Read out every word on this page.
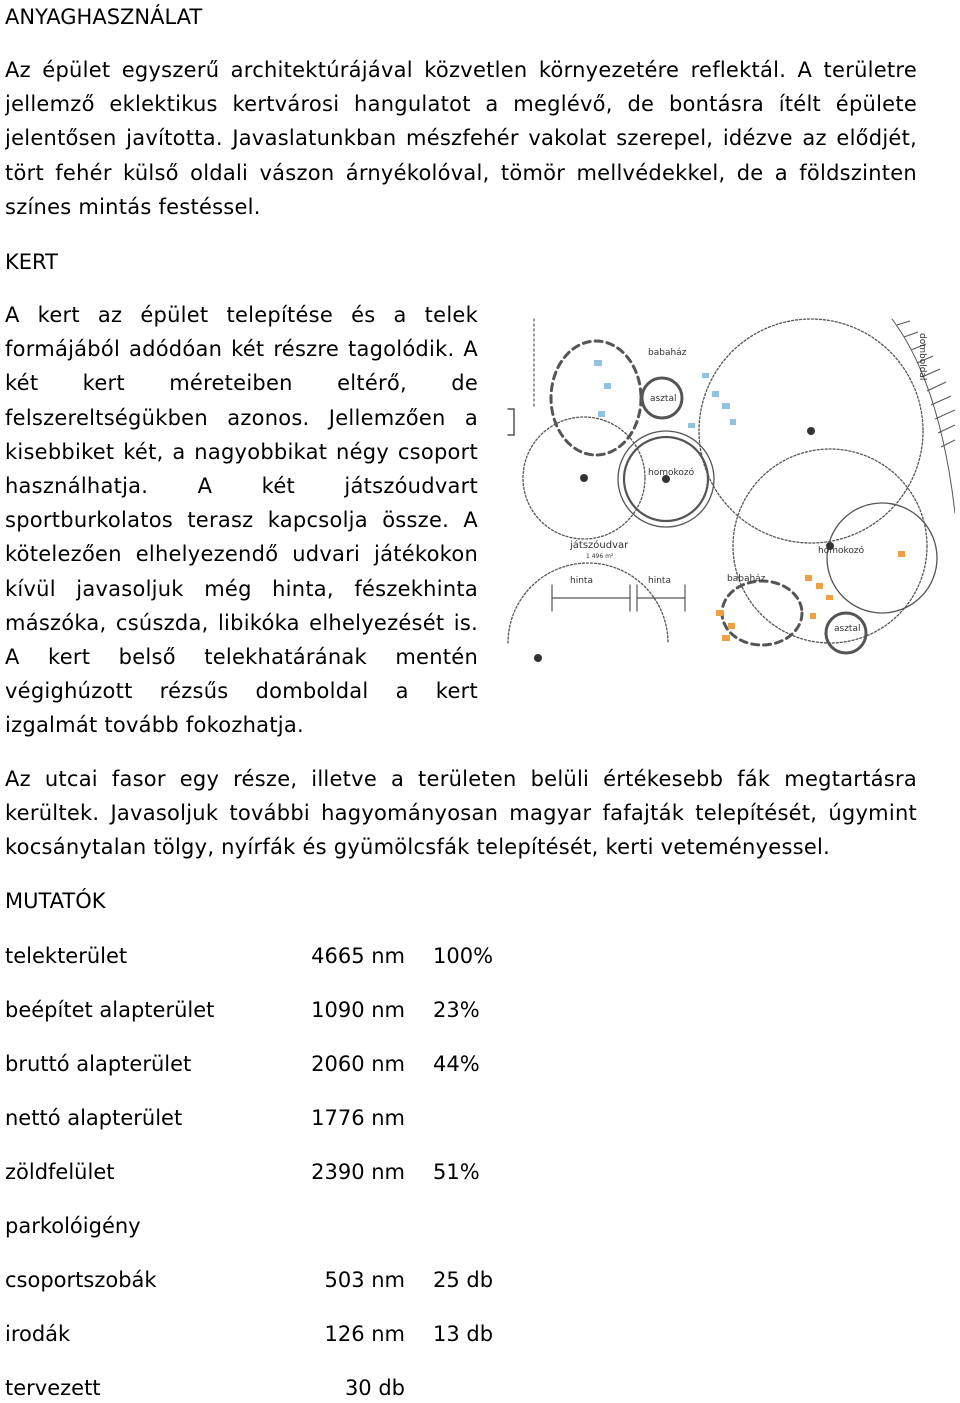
ANYAGHASZNÁLAT
Az épület egyszerű architektúrájával közvetlen környezetére reflektál. A területre
jellemző eklektikus kertvárosi hangulatot a meglévő, de bontásra ítélt épülete
jelentősen javította. Javaslatunkban mészfehér vakolat szerepel, idézve az elődjét,
tört fehér külső oldali vászon árnyékolóval, tömör mellvédekkel, de a földszinten
színes mintás festéssel.
KERT
A kert az épület telepítése és a telek
formájából adódóan két részre tagolódik. A
két kert méreteiben eltérő, de
felszereltségükben azonos. Jellemzően a
kisebbiket két, a nagyobbikat négy csoport
használhatja. A két játszóudvart
sportburkolatos terasz kapcsolja össze. A
kötelezően elhelyezendő udvari játékokon
kívül javasoljuk még hinta, fészekhinta
mászóka, csúszda, libikóka elhelyezését is.
A kert belső telekhatárának mentén
végighúzott rézsűs domboldal a kert
izgalmát tovább fokozhatja.
babaház
asztal
homokozó
domboldal
játszóudvar
1 496 m²
hinta	hinta	babaház
homokozó
asztal
Az utcai fasor egy része, illetve a területen belüli értékesebb fák megtartásra
kerültek. Javasoljuk további hagyományosan magyar fafajták telepítését, úgymint
kocsánytalan tölgy, nyírfák és gyümölcsfák telepítését, kerti veteményessel.
MUTATÓK
telekterület	4665 nm 100%
beépítet alapterület	1090 nm 23%
bruttó alapterület	2060 nm 44%
nettó alapterület	1776 nm
zöldfelület	2390 nm 51%
parkolóigény
csoportszobák	503 nm 25 db
irodák	126 nm 13 db
tervezett	30 db
